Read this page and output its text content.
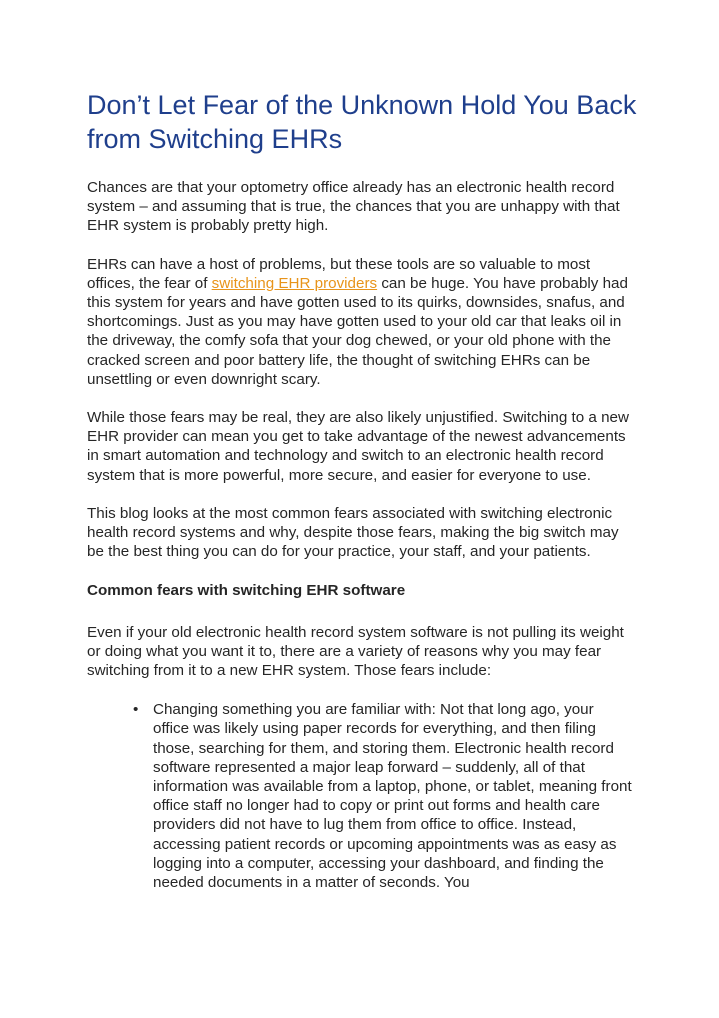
Don’t Let Fear of the Unknown Hold You Back from Switching EHRs

Chances are that your optometry office already has an electronic health record system – and assuming that is true, the chances that you are unhappy with that EHR system is probably pretty high.

EHRs can have a host of problems, but these tools are so valuable to most offices, the fear of switching EHR providers can be huge. You have probably had this system for years and have gotten used to its quirks, downsides, snafus, and shortcomings. Just as you may have gotten used to your old car that leaks oil in the driveway, the comfy sofa that your dog chewed, or your old phone with the cracked screen and poor battery life, the thought of switching EHRs can be unsettling or even downright scary.

While those fears may be real, they are also likely unjustified. Switching to a new EHR provider can mean you get to take advantage of the newest advancements in smart automation and technology and switch to an electronic health record system that is more powerful, more secure, and easier for everyone to use.

This blog looks at the most common fears associated with switching electronic health record systems and why, despite those fears, making the big switch may be the best thing you can do for your practice, your staff, and your patients.

Common fears with switching EHR software

Even if your old electronic health record system software is not pulling its weight or doing what you want it to, there are a variety of reasons why you may fear switching from it to a new EHR system. Those fears include:

• Changing something you are familiar with: Not that long ago, your office was likely using paper records for everything, and then filing those, searching for them, and storing them. Electronic health record software represented a major leap forward – suddenly, all of that information was available from a laptop, phone, or tablet, meaning front office staff no longer had to copy or print out forms and health care providers did not have to lug them from office to office. Instead, accessing patient records or upcoming appointments was as easy as logging into a computer, accessing your dashboard, and finding the needed documents in a matter of seconds. You
